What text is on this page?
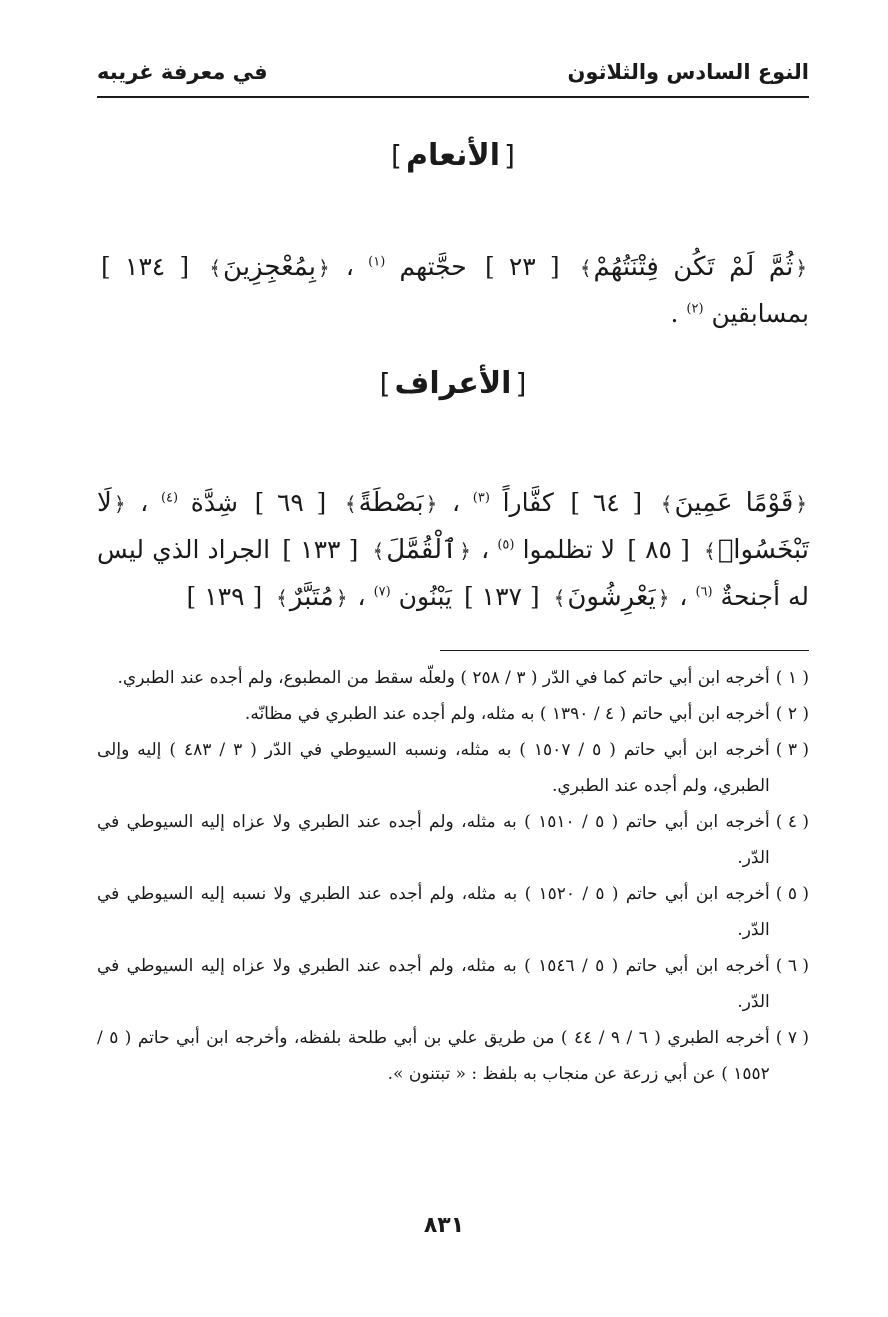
النوع السادس والثلاثون
في معرفة غريبه
[الأنعام]
﴿ثُمَّ لَمْ تَكُن فِتْنَتُهُمْ﴾ [ ٢٣ ] حجَّتهم $^{(١)}$ ، ﴿بِمُعْجِزِينَ﴾ [ ١٣٤ ] بمسابقين $^{(٢)}$ .
[الأعراف]
﴿قَوْمًا عَمِينَ﴾ [ ٦٤ ] كفَّاراً $^{(٣)}$ ، ﴿بَصْطَةً﴾ [ ٦٩ ] شِدَّة $^{(٤)}$ ، ﴿لَا تَبْخَسُوا۟﴾ [ ٨٥ ] لا تظلموا $^{(٥)}$ ، ﴿ٱلْقُمَّلَ﴾ [ ١٣٣ ] الجراد الذي ليس له أجنحةٌ $^{(٦)}$ ، ﴿يَعْرِشُونَ﴾ [ ١٣٧ ] يَبْنُون $^{(٧)}$ ، ﴿مُتَبَّرٌ﴾ [ ١٣٩ ]
( ١ )
أخرجه ابن أبي حاتم كما في الدّر ( ٣ / ٢٥٨ ) ولعلّه سقط من المطبوع، ولم أجده عند الطبري.
( ٢ )
أخرجه ابن أبي حاتم ( ٤ / ١٣٩٠ ) به مثله، ولم أجده عند الطبري في مظانّه.
( ٣ )
أخرجه ابن أبي حاتم ( ٥ / ١٥٠٧ ) به مثله، ونسبه السيوطي في الدّر ( ٣ / ٤٨٣ ) إليه وإلى الطبري، ولم أجده عند الطبري.
( ٤ )
أخرجه ابن أبي حاتم ( ٥ / ١٥١٠ ) به مثله، ولم أجده عند الطبري ولا عزاه إليه السيوطي في الدّر.
( ٥ )
أخرجه ابن أبي حاتم ( ٥ / ١٥٢٠ ) به مثله، ولم أجده عند الطبري ولا نسبه إليه السيوطي في الدّر.
( ٦ )
أخرجه ابن أبي حاتم ( ٥ / ١٥٤٦ ) به مثله، ولم أجده عند الطبري ولا عزاه إليه السيوطي في الدّر.
( ٧ )
أخرجه الطبري ( ٦ / ٩ / ٤٤ ) من طريق علي بن أبي طلحة بلفظه، وأخرجه ابن أبي حاتم ( ٥ / ١٥٥٢ ) عن أبي زرعة عن منجاب به بلفظ : « تبتنون ».
٨٣١
